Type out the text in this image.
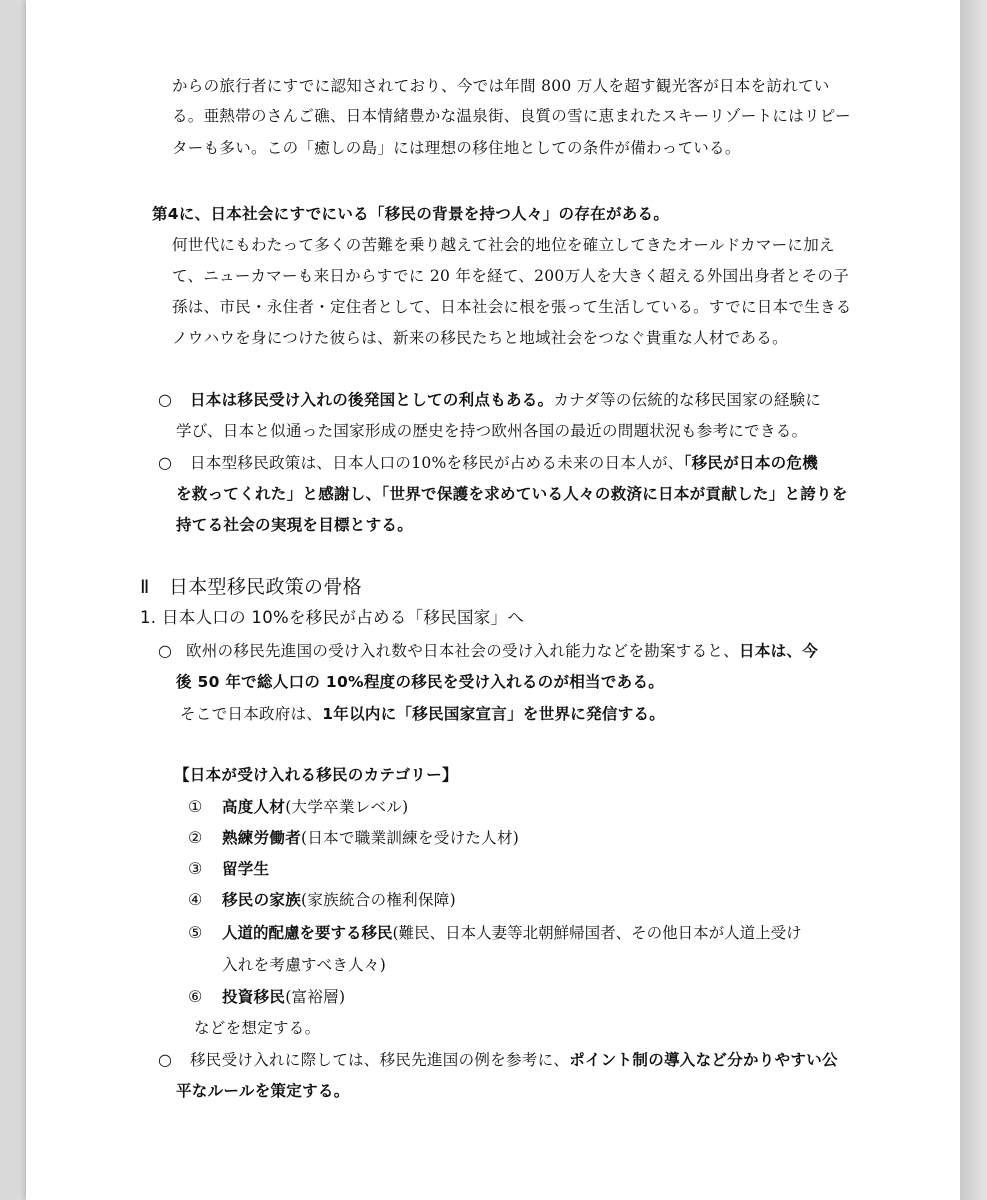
からの旅行者にすでに認知されており、今では年間 800 万人を超す観光客が日本を訪れてい
る。亜熱帯のさんご礁、日本情緒豊かな温泉街、良質の雪に恵まれたスキーリゾートにはリピー
ターも多い。この「癒しの島」には理想の移住地としての条件が備わっている。
第4に、日本社会にすでにいる「移民の背景を持つ人々」の存在がある。
何世代にもわたって多くの苦難を乗り越えて社会的地位を確立してきたオールドカマーに加え
て、ニューカマーも来日からすでに 20 年を経て、200万人を大きく超える外国出身者とその子
孫は、市民・永住者・定住者として、日本社会に根を張って生活している。すでに日本で生きる
ノウハウを身につけた彼らは、新来の移民たちと地域社会をつなぐ貴重な人材である。
○ 日本は移民受け入れの後発国としての利点もある。カナダ等の伝統的な移民国家の経験に
学び、日本と似通った国家形成の歴史を持つ欧州各国の最近の問題状況も参考にできる。
○ 日本型移民政策は、日本人口の10%を移民が占める未来の日本人が、「移民が日本の危機
を救ってくれた」と感謝し、「世界で保護を求めている人々の救済に日本が貢献した」と誇りを
持てる社会の実現を目標とする。
Ⅱ　日本型移民政策の骨格
1. 日本人口の 10%を移民が占める「移民国家」へ
○ 欧州の移民先進国の受け入れ数や日本社会の受け入れ能力などを勘案すると、日本は、今
後 50 年で総人口の 10%程度の移民を受け入れるのが相当である。
そこで日本政府は、1年以内に「移民国家宣言」を世界に発信する。
【日本が受け入れる移民のカテゴリー】
① 高度人材(大学卒業レベル)
② 熟練労働者(日本で職業訓練を受けた人材)
③ 留学生
④ 移民の家族(家族統合の権利保障)
⑤ 人道的配慮を要する移民(難民、日本人妻等北朝鮮帰国者、その他日本が人道上受け
入れを考慮すべき人々)
⑥ 投資移民(富裕層)
などを想定する。
○ 移民受け入れに際しては、移民先進国の例を参考に、ポイント制の導入など分かりやすい公
平なルールを策定する。
